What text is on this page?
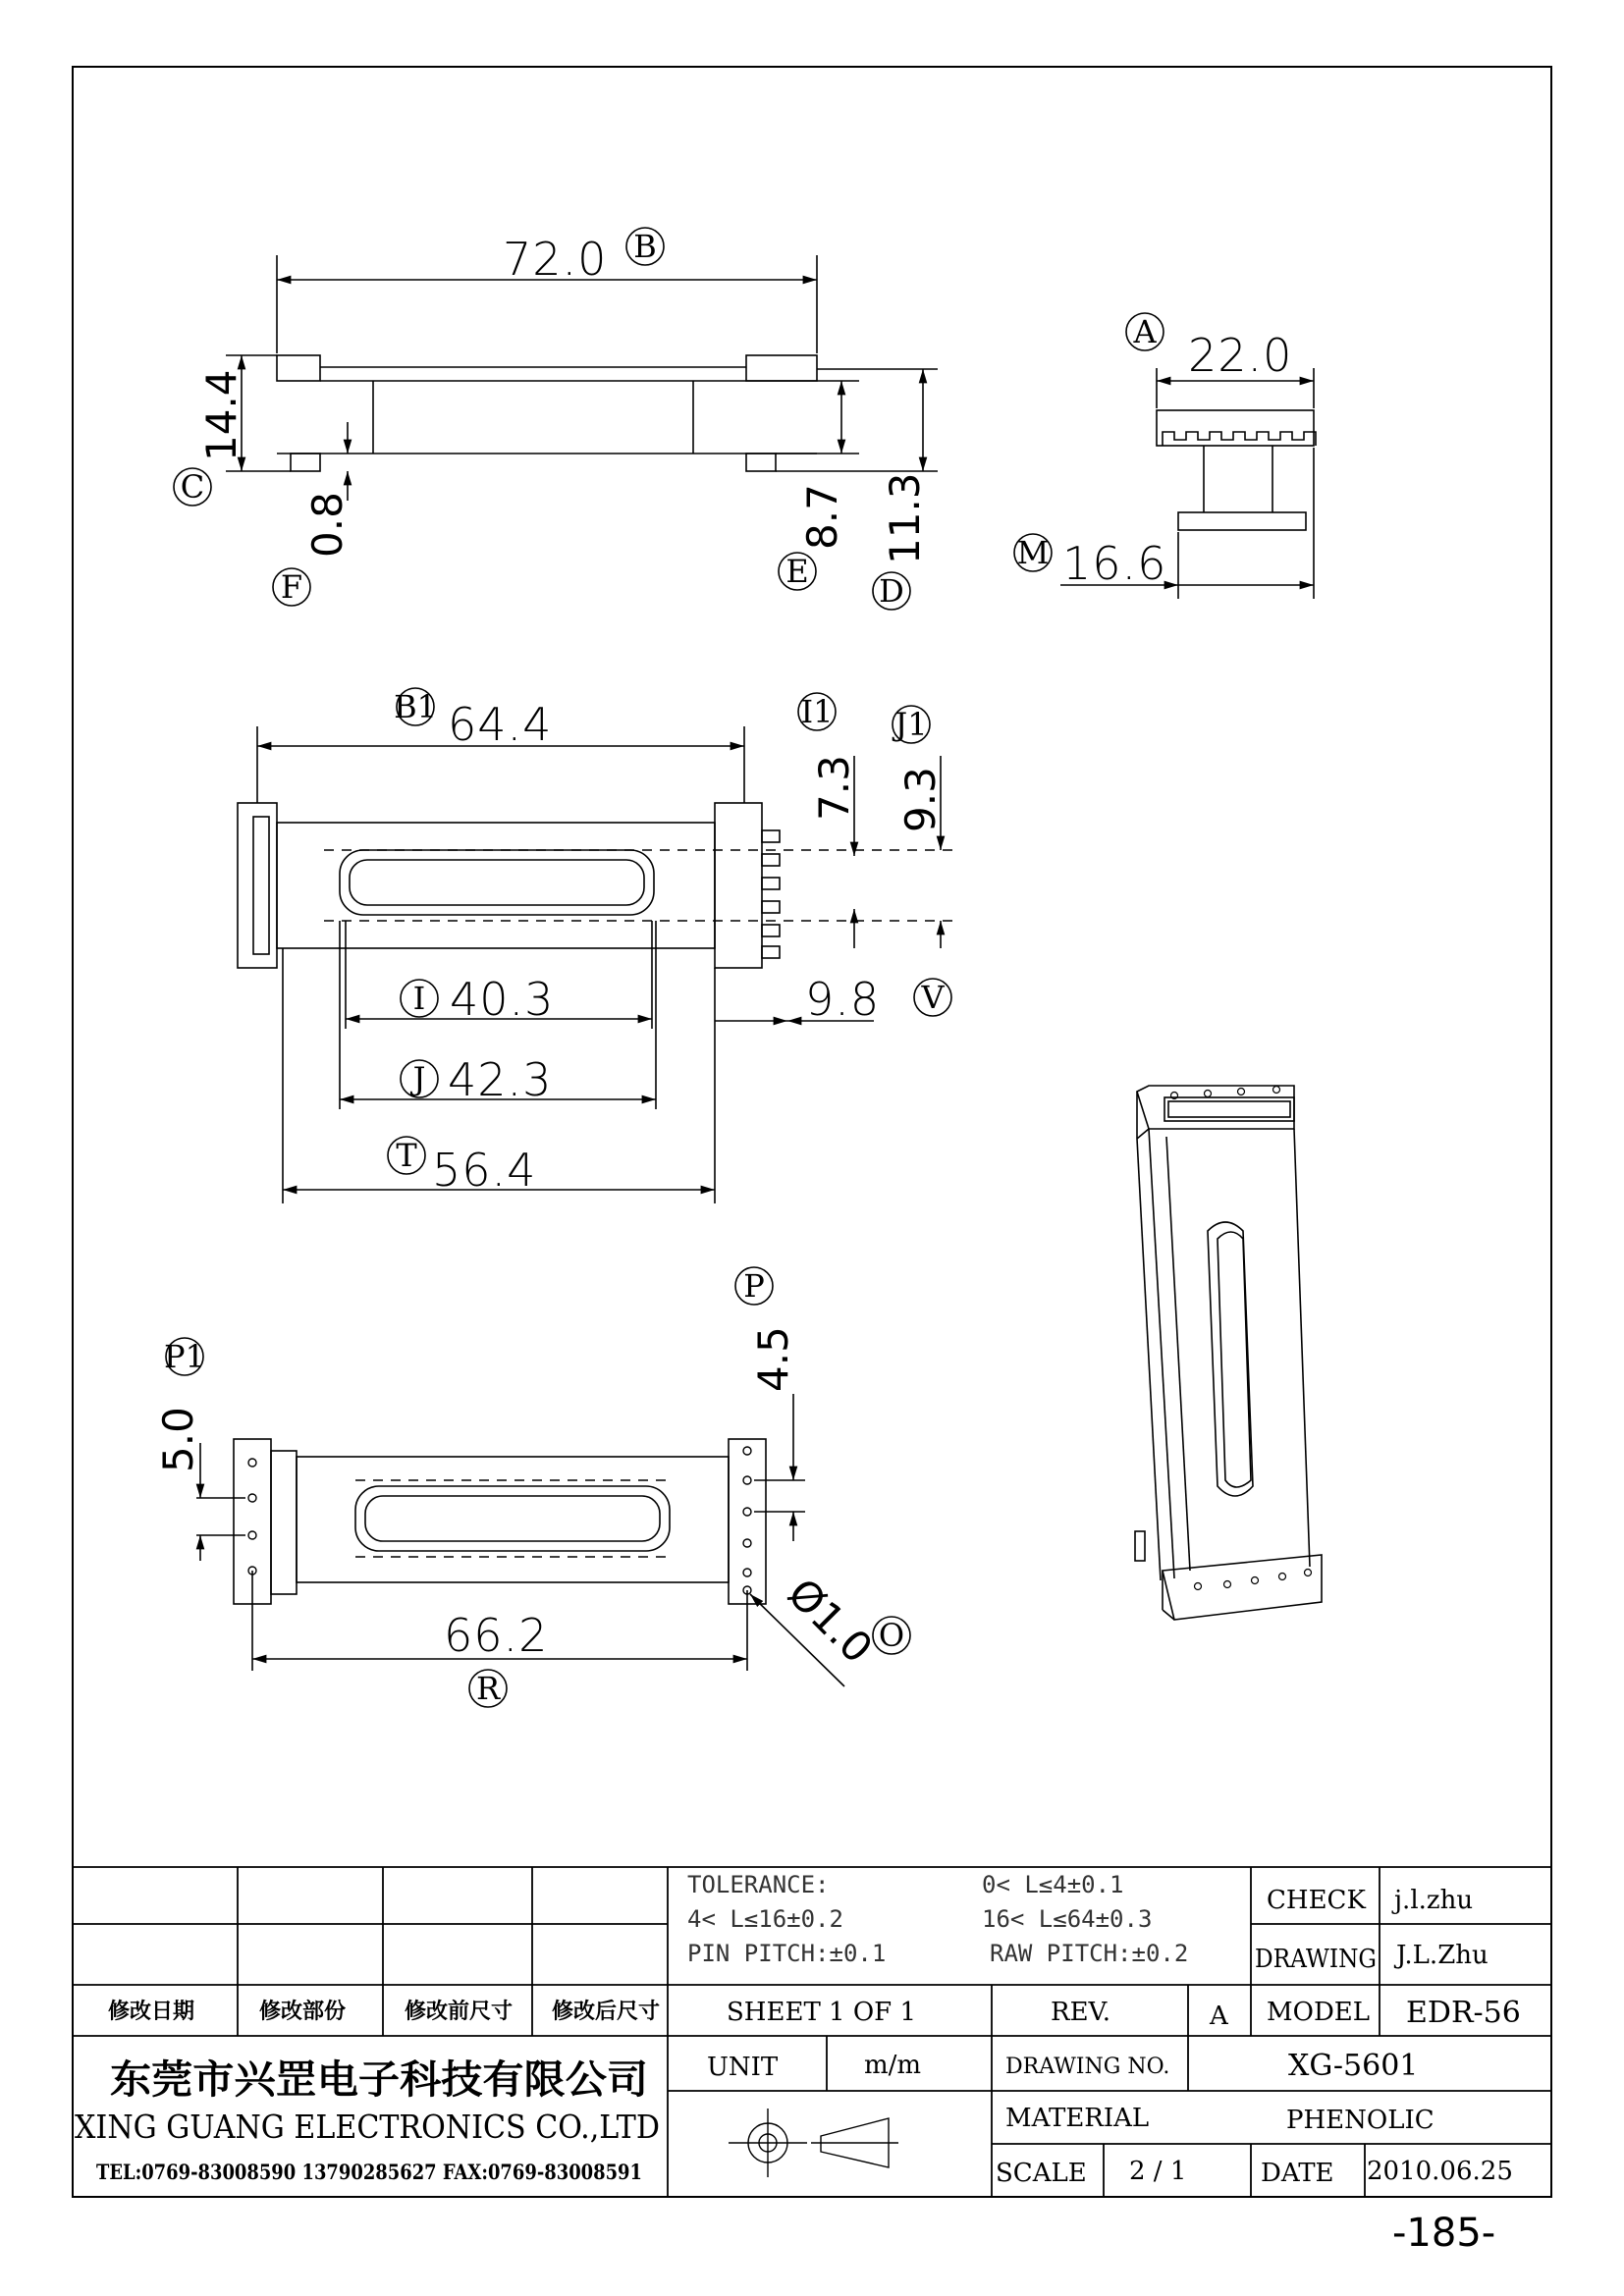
72.0 B
14.4
C
0.8
F
8.7
E
11.3
D
22.0
A
16.6
M
64.4
B1
7.3
I1
9.3
J1
40.3
I
42.3
J
56.4
T
9.8 V
5.0
P1	4.5
P
66.2
R
Ø1.0
O
TOLERANCE:	0< L≤4±0.1
4< L≤16±0.2	16< L≤64±0.3
PIN PITCH:±0.1	RAW PITCH:±0.2
CHECK j.l.zhu
DRAWING J.L.Zhu
修改日期	修改部份	修改前尺寸 修改后尺寸	SHEET 1 OF 1	REV.	A MODEL EDR-56
东莞市兴罡电子科技有限公司
XING GUANG ELECTRONICS CO.,LTD
TEL:0769-83008590 13790285627 FAX:0769-83008591
UNIT	m/m	DRAWING NO.	XG-5601
MATERIAL	PHENOLIC
SCALE 2 / 1	DATE 2010.06.25
-185-
